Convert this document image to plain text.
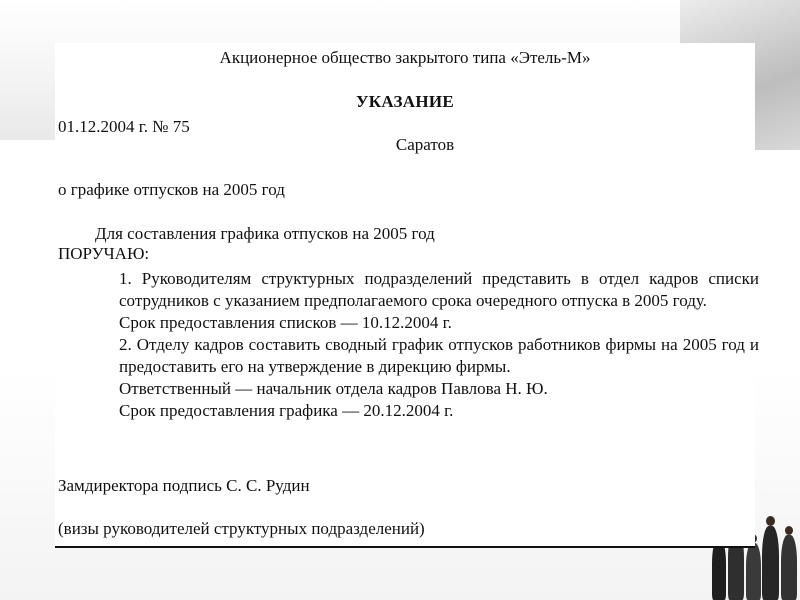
Акционерное общество закрытого типа «Этель-М»
УКАЗАНИЕ
01.12.2004 г. № 75
Саратов
о графике отпусков на 2005 год
Для составления графика отпусков на 2005 год
ПОРУЧАЮ:

1. Руководителям структурных подразделений представить в отдел кадров списки сотрудников с указанием предполагаемого срока очередного отпуска в 2005 году.

Срок предоставления списков — 10.12.2004 г.

2. Отделу кадров составить сводный график отпусков работников фирмы на 2005 год и предоставить его на утверждение в дирекцию фирмы.

Ответственный — начальник отдела кадров Павлова Н. Ю.

Срок предоставления графика — 20.12.2004 г.

Замдиректора подпись С. С. Рудин
(визы руководителей структурных подразделений)
